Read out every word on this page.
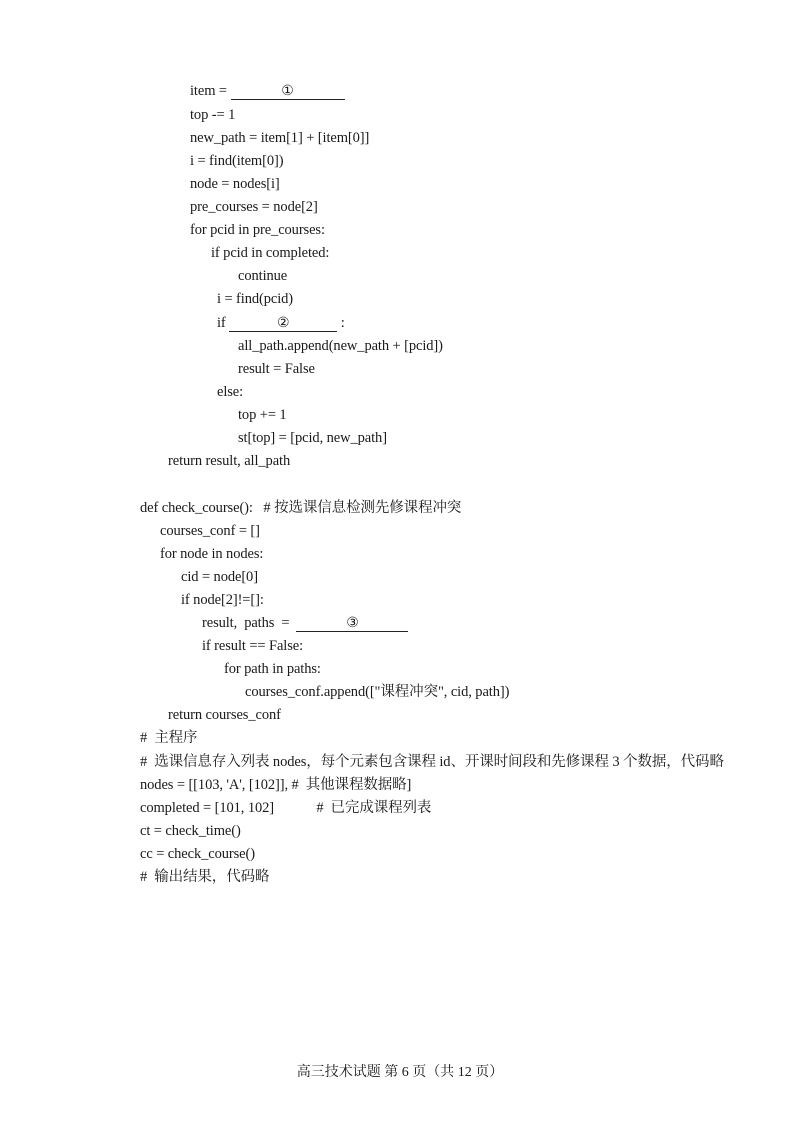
item =	①
top -= 1
new_path = item[1] + [item[0]]
i = find(item[0])
node = nodes[i]
pre_courses = node[2]
for pcid in pre_courses:
if pcid in completed:
continue
i = find(pcid)
if	②	:
all_path.append(new_path + [pcid])
result = False
else:
top += 1
st[top] = [pcid, new_path]
return result, all_path
def check_course():   # 按选课信息检测先修课程冲突
courses_conf = []
for node in nodes:
cid = node[0]
if node[2]!=[]:
result,  paths  =	③
if result == False:
for path in paths:
courses_conf.append(["课程冲突", cid, path])
return courses_conf
#  主程序
#  选课信息存入列表 nodes，每个元素包含课程 id、开课时间段和先修课程 3 个数据，代码略
nodes = [[103, 'A', [102]], #  其他课程数据略]
completed = [101, 102]            #  已完成课程列表
ct = check_time()
cc = check_course()
#  输出结果，代码略
高三技术试题 第 6 页（共 12 页）
